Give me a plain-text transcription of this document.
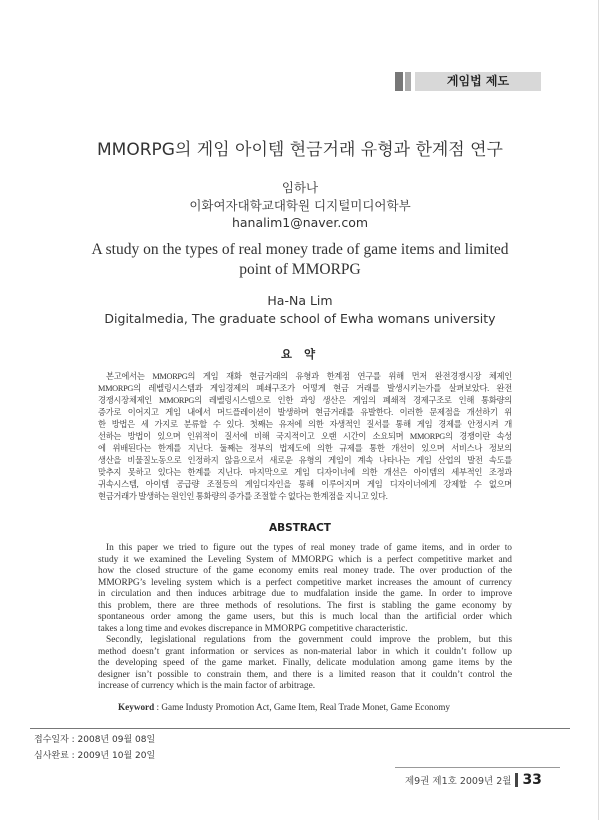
게임법 제도
MMORPG의 게임 아이템 현금거래 유형과 한계점 연구
임하나
이화여자대학교대학원 디지털미디어학부
hanalim1@naver.com
A study on the types of real money trade of game items and limited
point of MMORPG
Ha-Na Lim
Digitalmedia, The graduate school of Ewha womans university
요 약
본고에서는 MMORPG의 게임 재화 현금거래의 유형과 한계점 연구를 위해 먼저 완전경쟁시장 체제인
MMORPG의 레벨링시스템과 게임경제의 폐쇄구조가 어떻게 현금 거래를 발생시키는가를 살펴보았다. 완전
경쟁시장체제인 MMORPG의 레벨링시스템으로 인한 과잉 생산은 게임의 폐쇄적 경제구조로 인해 통화량의
증가로 이어지고 게임 내에서 머드플레이션이 발생하며 현금거래를 유발한다. 이러한 문제점을 개선하기 위
한 방법은 세 가지로 분류할 수 있다. 첫째는 유저에 의한 자생적인 질서를 통해 게임 경제를 안정시켜 개
선하는 방법이 있으며 인위적이 질서에 비해 국지적이고 오랜 시간이 소요되며 MMORPG의 경쟁이란 속성
에 위배된다는 한계를 지닌다. 둘째는 정부의 법제도에 의한 규제를 통한 개선이 있으며 서비스나 정보의
생산을 비물질노동으로 인정하지 않음으로서 새로운 유형의 게임이 계속 나타나는 게임 산업의 발전 속도를
맞추지 못하고 있다는 한계를 지닌다. 마지막으로 게임 디자이너에 의한 개선은 아이템의 세부적인 조정과
귀속시스템, 아이템 공급량 조절등의 게임디자인을 통해 이루어지며 게임 디자이너에게 강제할 수 없으며
현금거래가 발생하는 원인인 통화량의 증가를 조절할 수 없다는 한계점을 지니고 있다.
ABSTRACT
In this paper we tried to figure out the types of real money trade of game items, and in order to
study it we examined the Leveling System of MMORPG which is a perfect competitive market and
how the closed structure of the game economy emits real money trade. The over production of the
MMORPG’s leveling system which is a perfect competitive market increases the amount of currency
in circulation and then induces arbitrage due to mudfalation inside the game. In order to improve
this problem, there are three methods of resolutions. The first is stabling the game economy by
spontaneous order among the game users, but this is much local than the artificial order which
takes a long time and evokes discrepance in MMORPG competitive characteristic.
Secondly, legislational regulations from the government could improve the problem, but this
method doesn’t grant information or services as non-material labor in which it couldn’t follow up
the developing speed of the game market. Finally, delicate modulation among game items by the
designer isn’t possible to constrain them, and there is a limited reason that it couldn’t control the
increase of currency which is the main factor of arbitrage.
Keyword : Game Industy Promotion Act, Game Item, Real Trade Monet, Game Economy
접수일자 : 2008년 09월 08일
심사완료 : 2009년 10월 20일
제9권 제1호 2009년 2월 33
